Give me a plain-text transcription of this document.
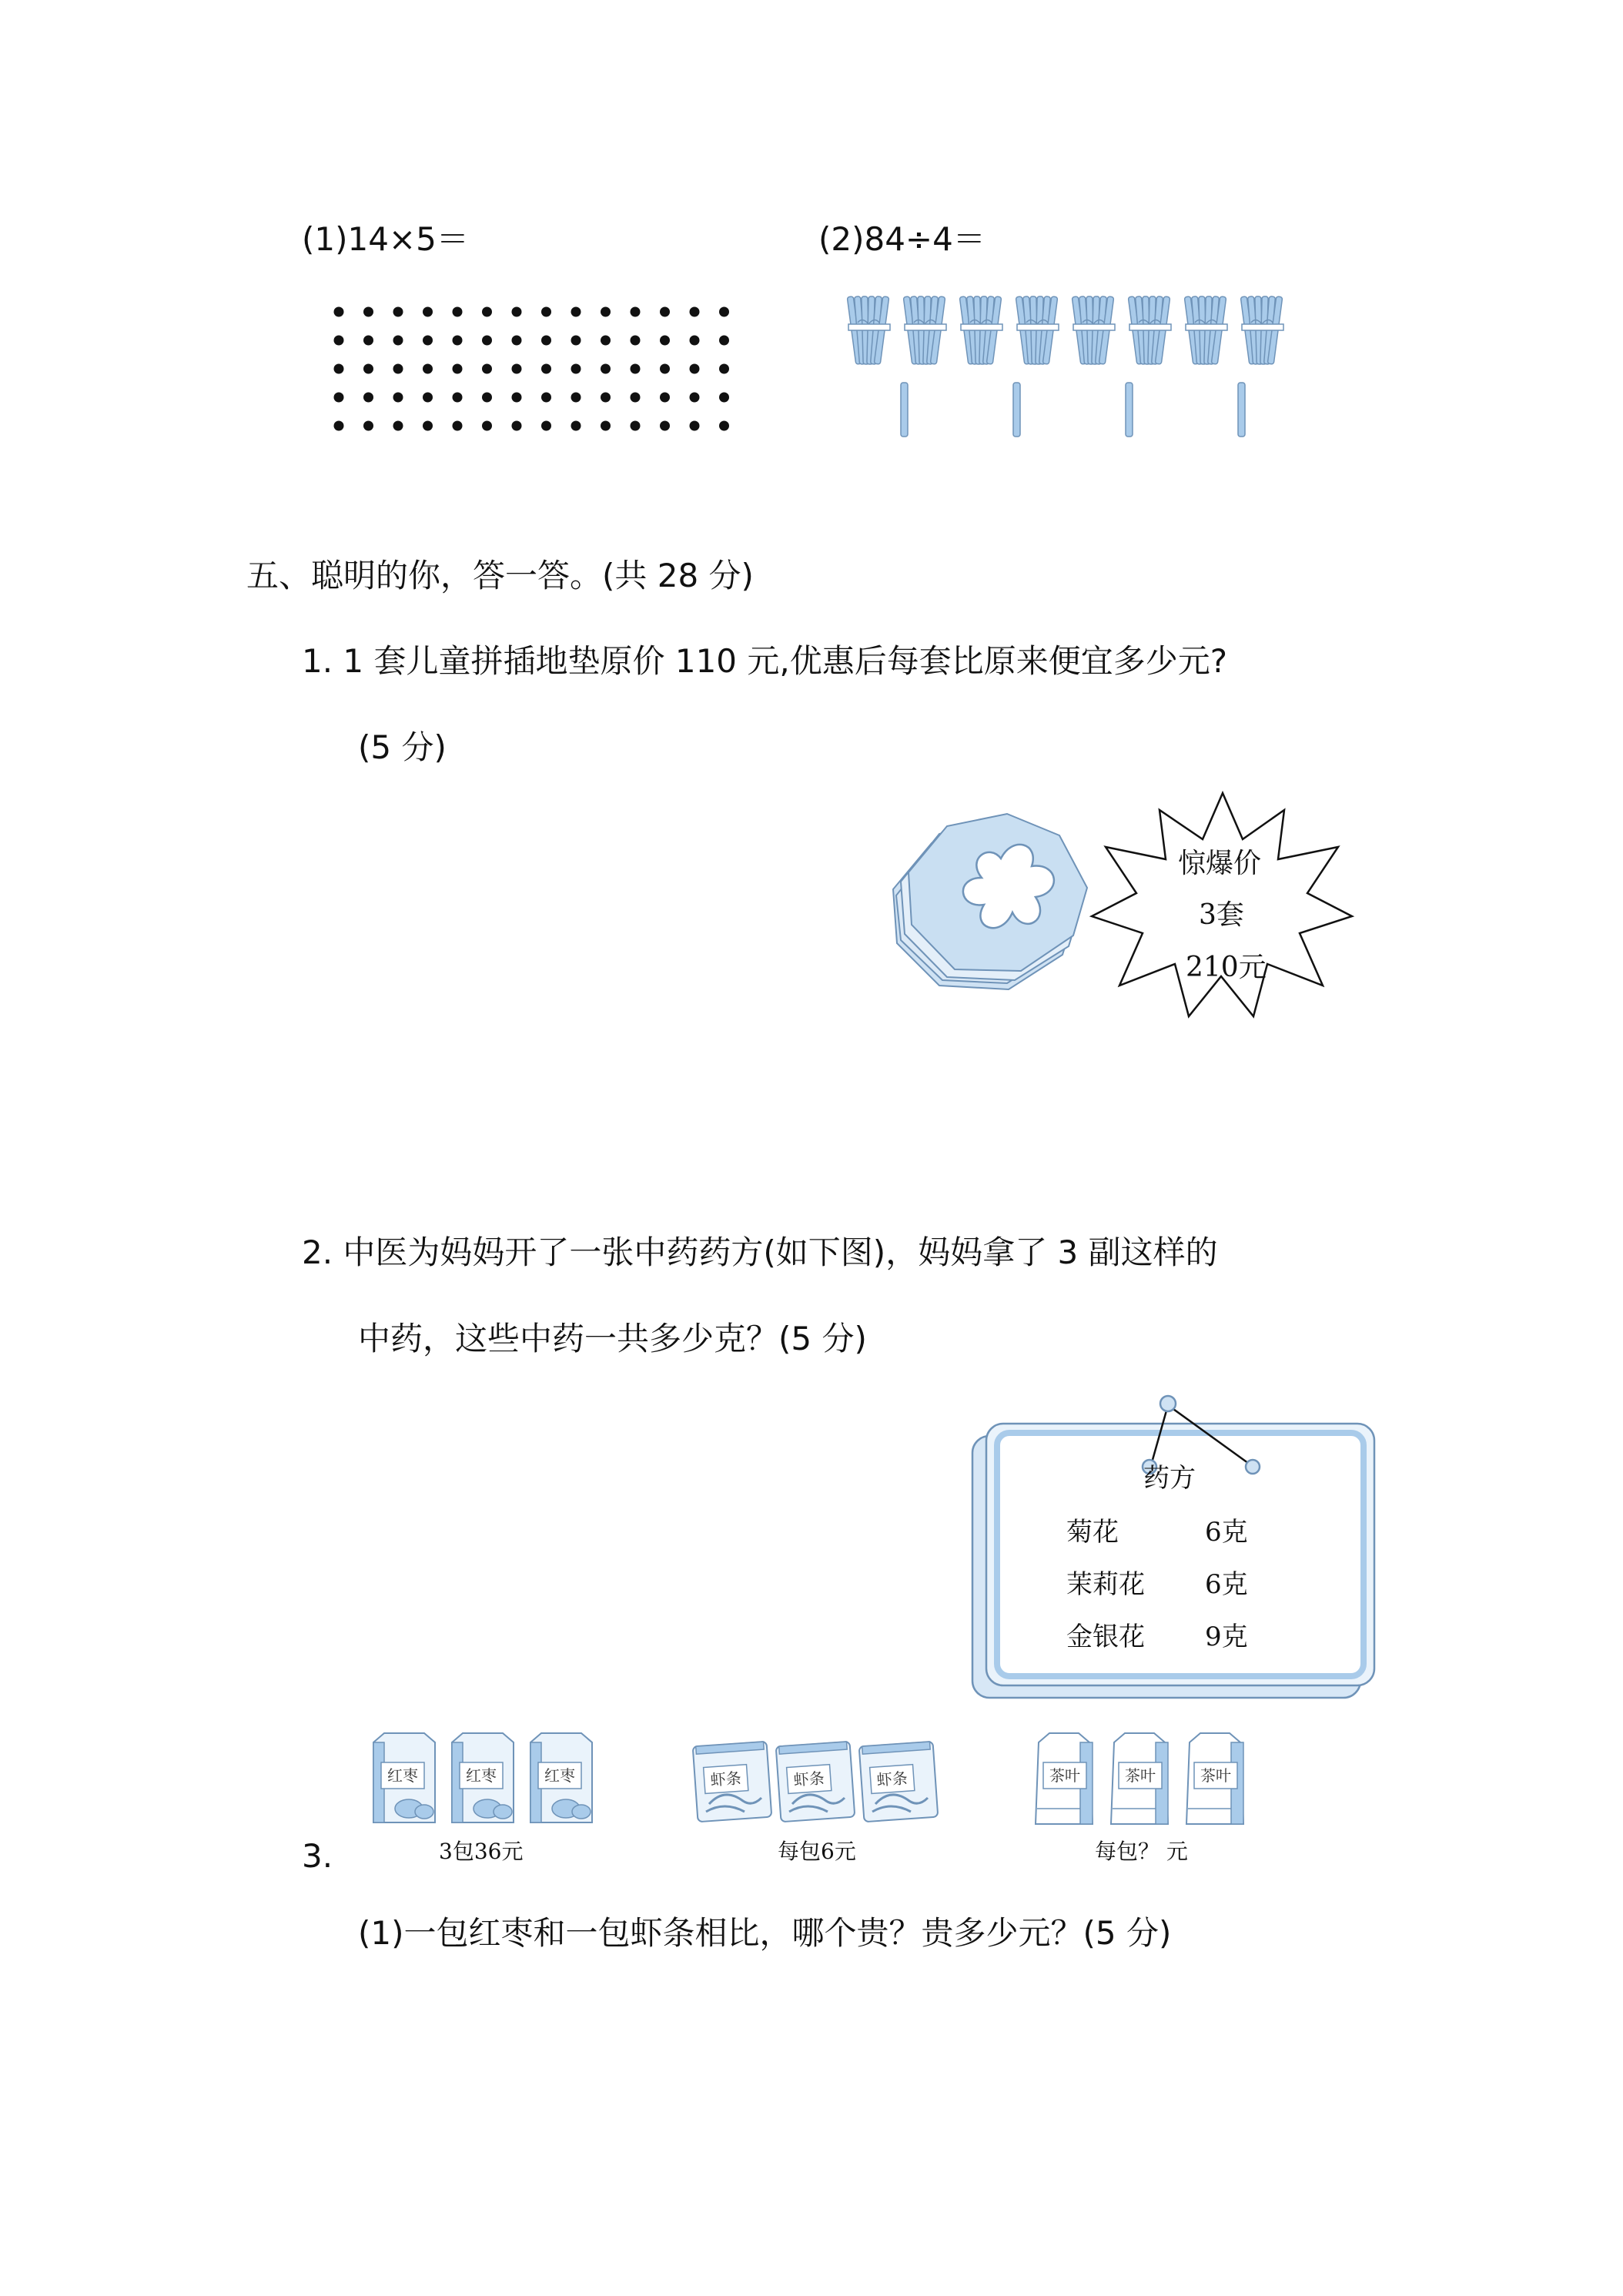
(1)14×5＝	(2)84÷4＝
五、聪明的你，答一答。(共 28 分)
1. 1 套儿童拼插地垫原价 110 元,优惠后每套比原来便宜多少元?
(5 分)
惊爆价
3套
210元
2. 中医为妈妈开了一张中药药方(如下图)，妈妈拿了 3 副这样的
中药，这些中药一共多少克？(5 分)
药方
菊花	6克
茉莉花 6克
金银花 9克
3.
红枣	红枣	红枣	虾条	虾条	虾条	茶叶	茶叶	茶叶
3包36元	每包6元	每包？ 元
(1)一包红枣和一包虾条相比，哪个贵？贵多少元？(5 分)
